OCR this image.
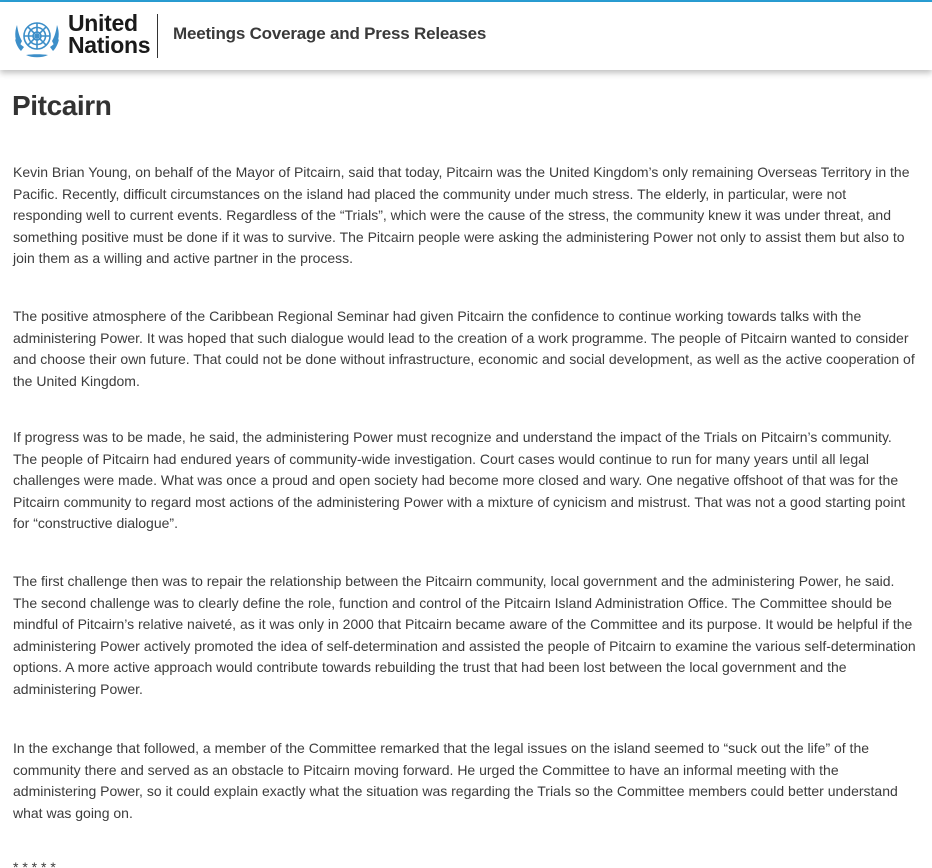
United
Nations Meetings Coverage and Press Releases
Pitcairn

Kevin Brian Young, on behalf of the Mayor of Pitcairn, said that today, Pitcairn was the United Kingdom’s only remaining Overseas Territory in the Pacific. Recently, difficult circumstances on the island had placed the community under much stress. The elderly, in particular, were not responding well to current events. Regardless of the “Trials”, which were the cause of the stress, the community knew it was under threat, and something positive must be done if it was to survive. The Pitcairn people were asking the administering Power not only to assist them but also to join them as a willing and active partner in the process.

The positive atmosphere of the Caribbean Regional Seminar had given Pitcairn the confidence to continue working towards talks with the administering Power. It was hoped that such dialogue would lead to the creation of a work programme. The people of Pitcairn wanted to consider and choose their own future. That could not be done without infrastructure, economic and social development, as well as the active cooperation of the United Kingdom.

If progress was to be made, he said, the administering Power must recognize and understand the impact of the Trials on Pitcairn’s community. The people of Pitcairn had endured years of community-wide investigation. Court cases would continue to run for many years until all legal challenges were made. What was once a proud and open society had become more closed and wary. One negative offshoot of that was for the Pitcairn community to regard most actions of the administering Power with a mixture of cynicism and mistrust. That was not a good starting point for “constructive dialogue”.

The first challenge then was to repair the relationship between the Pitcairn community, local government and the administering Power, he said. The second challenge was to clearly define the role, function and control of the Pitcairn Island Administration Office. The Committee should be mindful of Pitcairn’s relative naiveté, as it was only in 2000 that Pitcairn became aware of the Committee and its purpose. It would be helpful if the administering Power actively promoted the idea of self-determination and assisted the people of Pitcairn to examine the various self-determination options. A more active approach would contribute towards rebuilding the trust that had been lost between the local government and the administering Power.

In the exchange that followed, a member of the Committee remarked that the legal issues on the island seemed to “suck out the life” of the community there and served as an obstacle to Pitcairn moving forward. He urged the Committee to have an informal meeting with the administering Power, so it could explain exactly what the situation was regarding the Trials so the Committee members could better understand what was going on.

* * * * *
